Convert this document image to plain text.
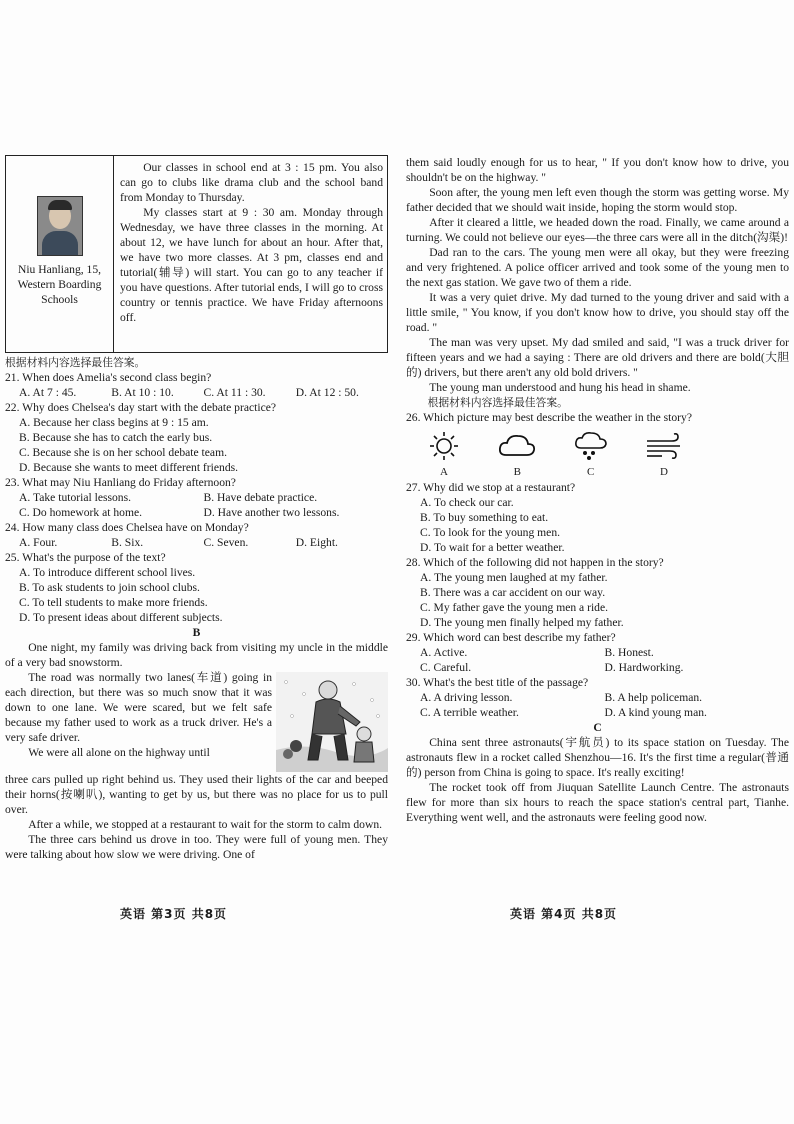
Niu Hanliang, 15,
Western Boarding
Schools

Our classes in school end at 3 : 15 pm. You also can go to clubs like drama club and the school band from Monday to Thursday.

My classes start at 9 : 30 am. Monday through Wednesday, we have three classes in the morning. At about 12, we have lunch for about an hour. After that, we have two more classes. At 3 pm, classes end and tutorial(辅导) will start. You can go to any teacher if you have questions. After tutorial ends, I will go to cross country or tennis practice. We have Friday afternoons off.

根据材料内容选择最佳答案。

21. When does Amelia's second class begin?

A. At 7 : 45.	B. At 10 : 10.	C. At 11 : 30.	D. At 12 : 50.

22. Why does Chelsea's day start with the debate practice?

A. Because her class begins at 9 : 15 am.

B. Because she has to catch the early bus.

C. Because she is on her school debate team.

D. Because she wants to meet different friends.

23. What may Niu Hanliang do Friday afternoon?

A. Take tutorial lessons.	B. Have debate practice.
C. Do homework at home.	D. Have another two lessons.

24. How many class does Chelsea have on Monday?

A. Four.	B. Six.	C. Seven.	D. Eight.

25. What's the purpose of the text?

A. To introduce different school lives.

B. To ask students to join school clubs.

C. To tell students to make more friends.

D. To present ideas about different subjects.

B

One night, my family was driving back from visiting my uncle in the middle of a very bad snowstorm.

The road was normally two lanes(车道) going in each direction, but there was so much snow that it was down to one lane. We were scared, but we felt safe because my father used to work as a truck driver. He's a very safe driver.

We were all alone on the highway until

three cars pulled up right behind us. They used their lights of the car and beeped their horns(按喇叭), wanting to get by us, but there was no place for us to pull over.

After a while, we stopped at a restaurant to wait for the storm to calm down.

The three cars behind us drove in too. They were full of young men. They were talking about how slow we were driving. One of

them said loudly enough for us to hear, " If you don't know how to drive, you shouldn't be on the highway. "

Soon after, the young men left even though the storm was getting worse. My father decided that we should wait inside, hoping the storm would stop.

After it cleared a little, we headed down the road. Finally, we came around a turning. We could not believe our eyes—the three cars were all in the ditch(沟渠)!

Dad ran to the cars. The young men were all okay, but they were freezing and very frightened. A police officer arrived and took some of the young men to the next gas station. We gave two of them a ride.

It was a very quiet drive. My dad turned to the young driver and said with a little smile, " You know, if you don't know how to drive, you should stay off the road. "

The man was very upset. My dad smiled and said, "I was a truck driver for fifteen years and we had a saying : There are old drivers and there are bold(大胆的) drivers, but there aren't any old bold drivers. "

The young man understood and hung his head in shame.

根据材料内容选择最佳答案。

26. Which picture may best describe the weather in the story?

A	B	C	D

27. Why did we stop at a restaurant?

A. To check our car.

B. To buy something to eat.

C. To look for the young men.

D. To wait for a better weather.

28. Which of the following did not happen in the story?

A. The young men laughed at my father.

B. There was a car accident on our way.

C. My father gave the young men a ride.

D. The young men finally helped my father.

29. Which word can best describe my father?

A. Active.	B. Honest.
C. Careful.	D. Hardworking.

30. What's the best title of the passage?

A. A driving lesson.	B. A help policeman.
C. A terrible weather.	D. A kind young man.

C

China sent three astronauts(宇航员) to its space station on Tuesday. The astronauts flew in a rocket called Shenzhou—16. It's the first time a regular(普通的) person from China is going to space. It's really exciting!

The rocket took off from Jiuquan Satellite Launch Centre. The astronauts flew for more than six hours to reach the space station's central part, Tianhe. Everything went well, and the astronauts were feeling good now.

英语 第3页 共8页	英语 第4页 共8页
